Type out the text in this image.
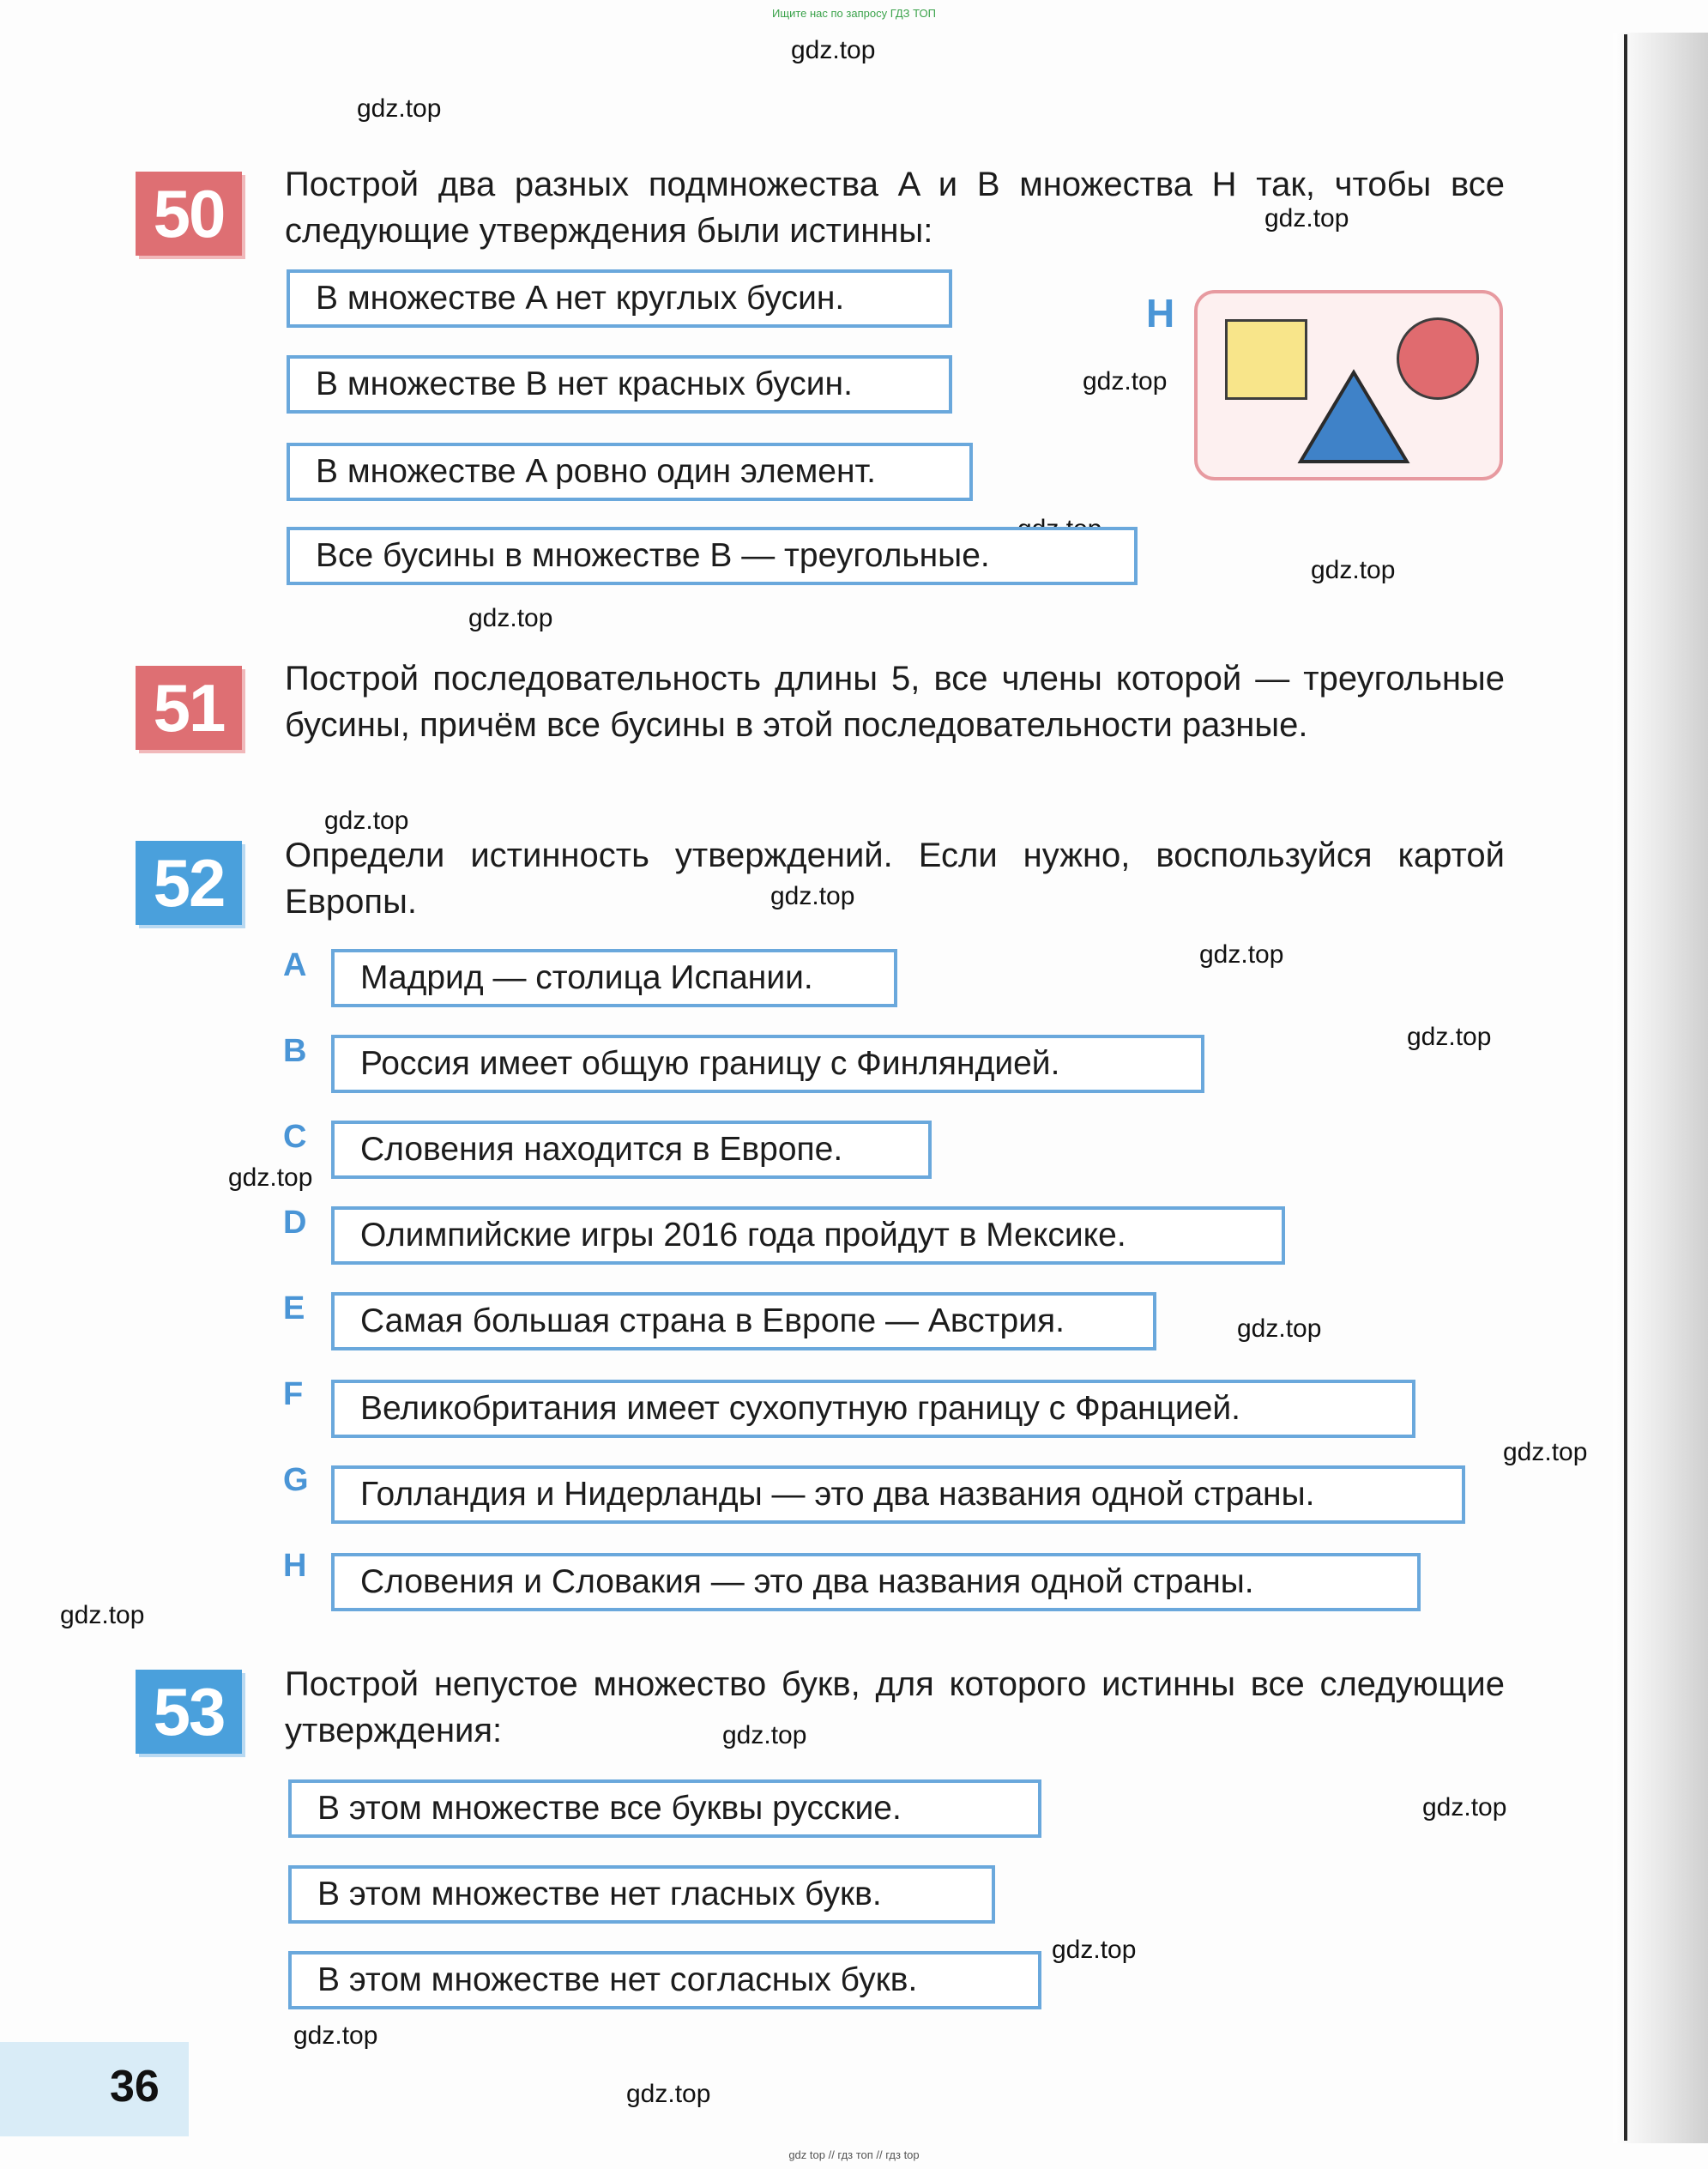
Ищите нас по запросу ГДЗ ТОП
gdz.top
gdz.top
gdz.top
gdz.top
gdz.top
gdz.top
gdz.top
gdz.top
gdz.top
gdz.top
gdz.top
gdz.top
gdz.top
gdz.top
gdz.top
gdz.top
gdz.top
gdz.top
gdz.top
50	Построй два разных подмножества A и B множества H так, чтобы все следующие утверждения были истинны:
В множестве A нет круглых бусин.
В множестве B нет красных бусин.
В множестве A ровно один элемент.
Все бусины в множестве B — треугольные.
H
51	Построй последовательность длины 5, все члены которой — треугольные бусины, причём все бусины в этой последовательности разные.
52	Определи истинность утверждений. Если нужно, воспользуйся картой Европы.
A	Мадрид — столица Испании.
B	Россия имеет общую границу с Финляндией.
C	Словения находится в Европе.
D	Олимпийские игры 2016 года пройдут в Мексике.
E	Самая большая страна в Европе — Австрия.
F	Великобритания имеет сухопутную границу с Францией.
G	Голландия и Нидерланды — это два названия одной страны.
H	Словения и Словакия — это два названия одной страны.
53	Построй непустое множество букв, для которого истинны все следующие утверждения:
В этом множестве все буквы русские.
В этом множестве нет гласных букв.
В этом множестве нет согласных букв.
36
gdz top // гдз топ // гдз top
